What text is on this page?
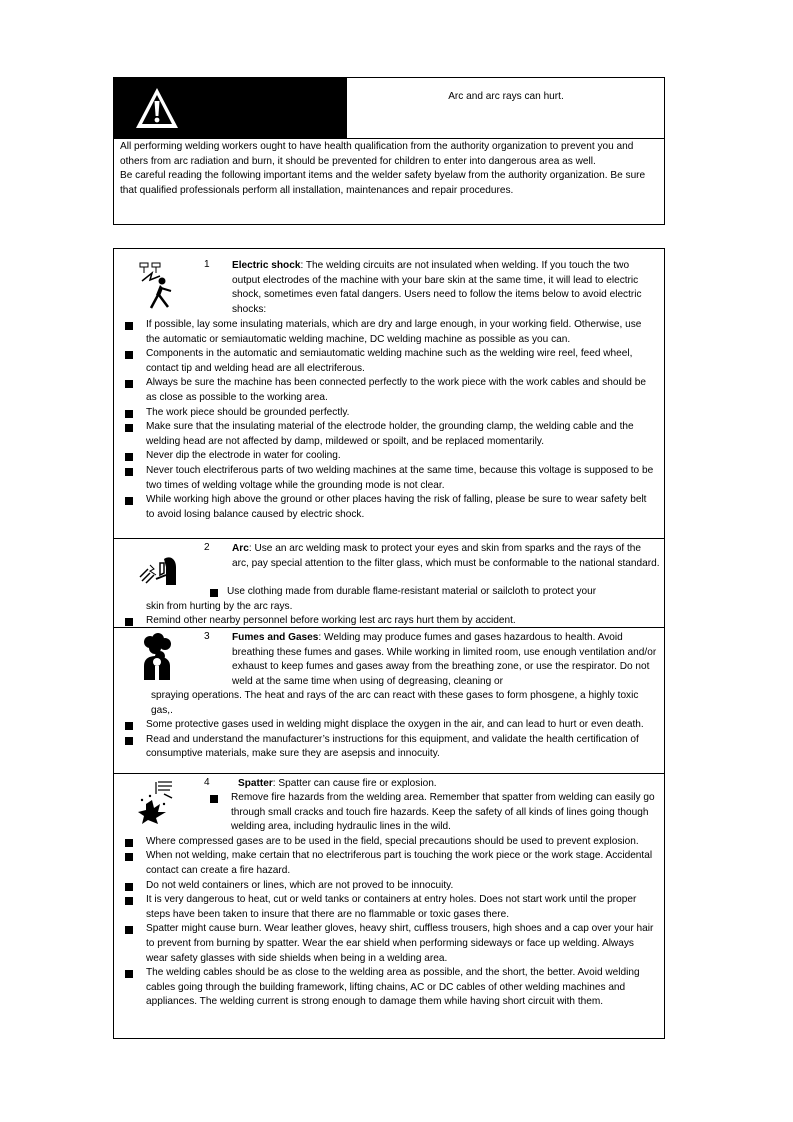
Arc and arc rays can hurt.

All performing welding workers ought to have health qualification from the authority organization to prevent you and others from arc radiation and burn, it should be prevented for children to enter into dangerous area as well.

Be careful reading the following important items and the welder safety byelaw from the authority organization. Be sure that qualified professionals perform all installation, maintenances and repair procedures.

1 Electric shock: The welding circuits are not insulated when welding. If you touch the two output electrodes of the machine with your bare skin at the same time, it will lead to electric shock, sometimes even fatal dangers. Users need to follow the items below to avoid electric shocks:
If possible, lay some insulating materials, which are dry and large enough, in your working field. Otherwise, use the automatic or semiautomatic welding machine, DC welding machine as possible as you can.
Components in the automatic and semiautomatic welding machine such as the welding wire reel, feed wheel, contact tip and welding head are all electriferous.
Always be sure the machine has been connected perfectly to the work piece with the work cables and should be as close as possible to the working area.
The work piece should be grounded perfectly.
Make sure that the insulating material of the electrode holder, the grounding clamp, the welding cable and the welding head are not affected by damp, mildewed or spoilt, and be replaced momentarily.
Never dip the electrode in water for cooling.
Never touch electriferous parts of two welding machines at the same time, because this voltage is supposed to be two times of welding voltage while the grounding mode is not clear.
While working high above the ground or other places having the risk of falling, please be sure to wear safety belt to avoid losing balance caused by electric shock.
2 Arc: Use an arc welding mask to protect your eyes and skin from sparks and the rays of the arc, pay special attention to the filter glass, which must be conformable to the national standard.
Use clothing made from durable flame-resistant material or sailcloth to protect your
skin from hurting by the arc rays.
Remind other nearby personnel before working lest arc rays hurt them by accident.
3 Fumes and Gases: Welding may produce fumes and gases hazardous to health. Avoid breathing these fumes and gases. While working in limited room, use enough ventilation and/or exhaust to keep fumes and gases away from the breathing zone, or use the respirator. Do not weld at the same time when using of degreasing, cleaning or
spraying operations. The heat and rays of the arc can react with these gases to form phosgene, a highly toxic gas,.
Some protective gases used in welding might displace the oxygen in the air, and can lead to hurt or even death.
Read and understand the manufacturer’s instructions for this equipment, and validate the health certification of consumptive materials, make sure they are asepsis and innocuity.
4	Spatter: Spatter can cause fire or explosion.
Remove fire hazards from the welding area. Remember that spatter from welding can easily go through small cracks and touch fire hazards. Keep the safety of all kinds of lines going though welding area, including hydraulic lines in the wild.
Where compressed gases are to be used in the field, special precautions should be used to prevent explosion.
When not welding, make certain that no electriferous part is touching the work piece or the work stage. Accidental contact can create a fire hazard.
Do not weld containers or lines, which are not proved to be innocuity.
It is very dangerous to heat, cut or weld tanks or containers at entry holes. Does not start work until the proper steps have been taken to insure that there are no flammable or toxic gases there.
Spatter might cause burn. Wear leather gloves, heavy shirt, cuffless trousers, high shoes and a cap over your hair to prevent from burning by spatter. Wear the ear shield when performing sideways or face up welding. Always wear safety glasses with side shields when being in a welding area.
The welding cables should be as close to the welding area as possible, and the short, the better. Avoid welding cables going through the building framework, lifting chains, AC or DC cables of other welding machines and appliances. The welding current is strong enough to damage them while having short circuit with them.
